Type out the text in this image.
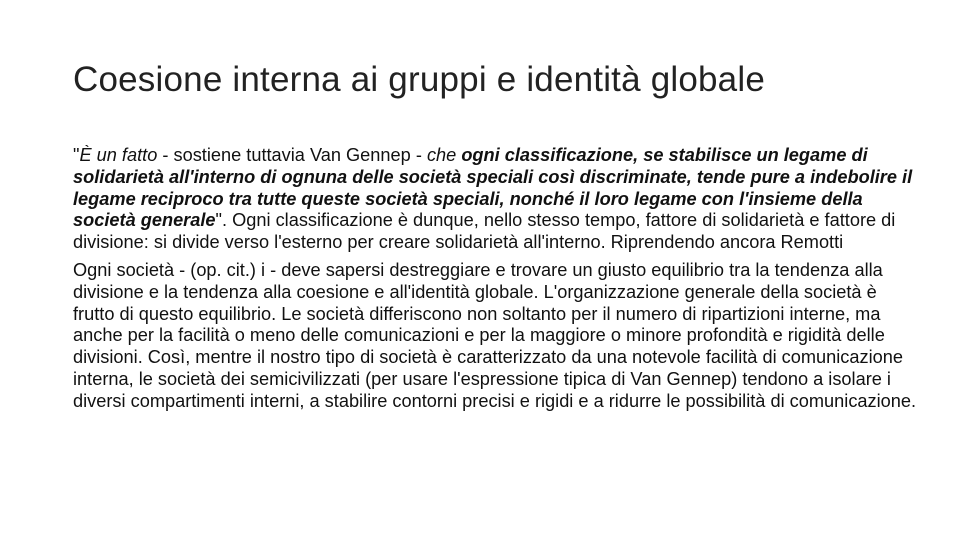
Coesione interna ai gruppi e identità globale

"È un fatto - sostiene tuttavia Van Gennep - che ogni classificazione, se stabilisce un legame di solidarietà all'interno di ognuna delle società speciali così discriminate, tende pure a indebolire il legame reciproco tra tutte queste società speciali, nonché il loro legame con l'insieme della società generale". Ogni classificazione è dunque, nello stesso tempo, fattore di solidarietà e fattore di divisione: si divide verso l'esterno per creare solidarietà all'interno. Riprendendo ancora Remotti

Ogni società - (op. cit.) i - deve sapersi destreggiare e trovare un giusto equilibrio tra la tendenza alla divisione e la tendenza alla coesione e all'identità globale. L'organizzazione generale della società è frutto di questo equilibrio. Le società differiscono non soltanto per il numero di ripartizioni interne, ma anche per la facilità o meno delle comunicazioni e per la maggiore o minore profondità e rigidità delle divisioni. Così, mentre il nostro tipo di società è caratterizzato da una notevole facilità di comunicazione interna, le società dei semicivilizzati (per usare l'espressione tipica di Van Gennep) tendono a isolare i diversi compartimenti interni, a stabilire contorni precisi e rigidi e a ridurre le possibilità di comunicazione.
